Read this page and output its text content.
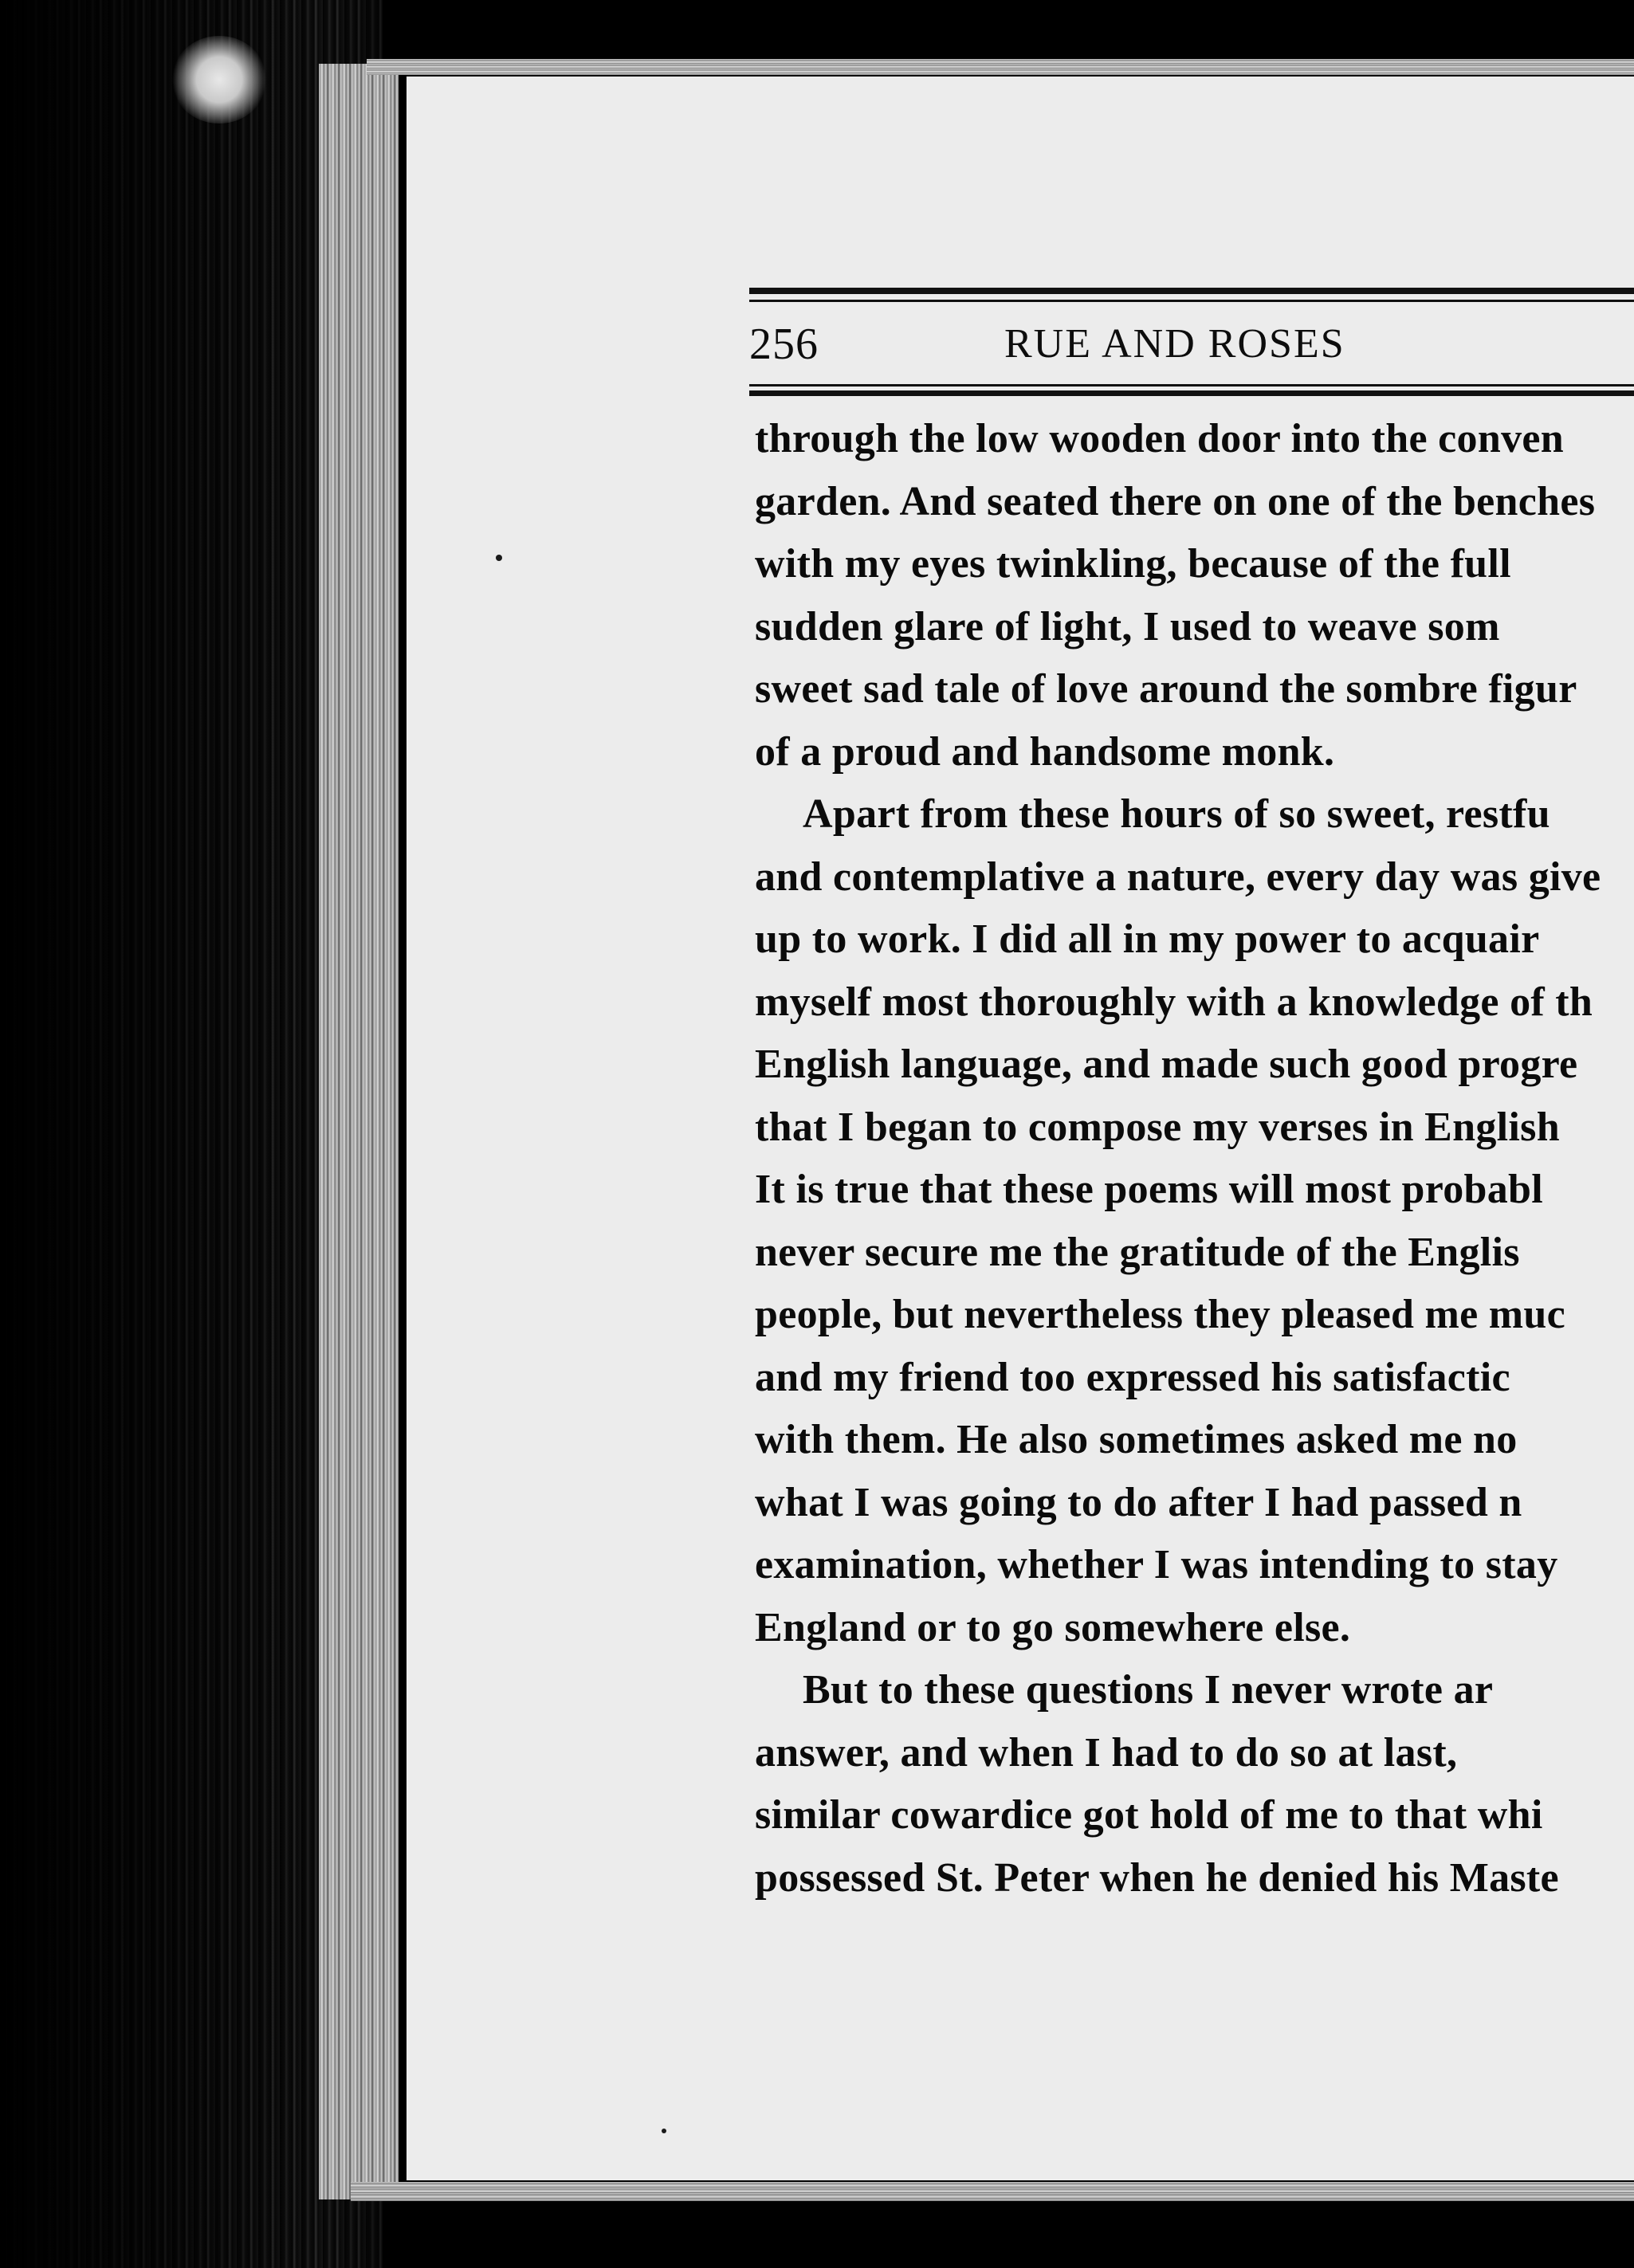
256	RUE AND ROSES
through the low wooden door into the conven
garden. And seated there on one of the benches
with my eyes twinkling, because of the full
sudden glare of light, I used to weave som
sweet sad tale of love around the sombre figur
of a proud and handsome monk.
Apart from these hours of so sweet, restfu
and contemplative a nature, every day was give
up to work. I did all in my power to acquair
myself most thoroughly with a knowledge of th
English language, and made such good progre
that I began to compose my verses in English
It is true that these poems will most probabl
never secure me the gratitude of the Englis
people, but nevertheless they pleased me muc
and my friend too expressed his satisfactic
with them. He also sometimes asked me no
what I was going to do after I had passed n
examination, whether I was intending to stay
England or to go somewhere else.
But to these questions I never wrote ar
answer, and when I had to do so at last,
similar cowardice got hold of me to that whi
possessed St. Peter when he denied his Maste
